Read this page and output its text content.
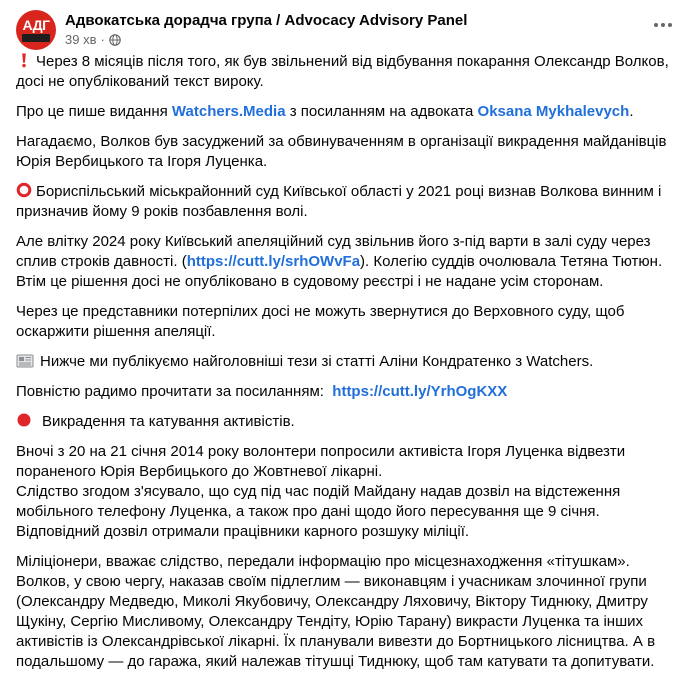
АДГ	Адвокатська дорадча група / Advocacy Advisory Panel
39 хв ·

Через 8 місяців після того, як був звільнений від відбування покарання Олександр Волков, досі не опублікований текст вироку.

Про це пише видання Watchers.Media з посиланням на адвоката Oksana Mykhalevych.

Нагадаємо, Волков був засуджений за обвинуваченням в організації викрадення майданівців Юрія Вербицького та Ігоря Луценка.

Бориспільський міськрайонний суд Київської області у 2021 році визнав Волкова винним і призначив йому 9 років позбавлення волі.

Але влітку 2024 року Київський апеляційний суд звільнив його з-під варти в залі суду через сплив строків давності. (https://cutt.ly/srhOWvFa). Колегію суддів очолювала Тетяна Тютюн. Втім це рішення досі не опубліковано в судовому реєстрі і не надане усім сторонам.

Через це представники потерпілих досі не можуть звернутися до Верховного суду, щоб оскаржити рішення апеляції.

Нижче ми публікуємо найголовніші тези зі статті Аліни Кондратенко з Watchers.

Повністю радимо прочитати за посиланням:  https://cutt.ly/YrhOgKXX

Викрадення та катування активістів.

Вночі з 20 на 21 січня 2014 року волонтери попросили активіста Ігоря Луценка відвезти пораненого Юрія Вербицького до Жовтневої лікарні.
Слідство згодом з'ясувало, що суд під час подій Майдану надав дозвіл на відстеження мобільного телефону Луценка, а також про дані щодо його пересування ще 9 січня. Відповідний дозвіл отримали працівники карного розшуку міліції.

Міліціонери, вважає слідство, передали інформацію про місцезнаходження «тітушкам». Волков, у свою чергу, наказав своїм підлеглим — виконавцям і учасникам злочинної групи (Олександру Медведю, Миколі Якубовичу, Олександру Ляховичу, Віктору Тиднюку, Дмитру Щукіну, Сергію Мисливому, Олександру Тендіту, Юрію Тарану) викрасти Луценка та інших активістів із Олександрівської лікарні. Їх планували вивезти до Бортницького лісництва. А в подальшому — до гаража, який належав тітушці Тиднюку, щоб там катувати та допитувати.
